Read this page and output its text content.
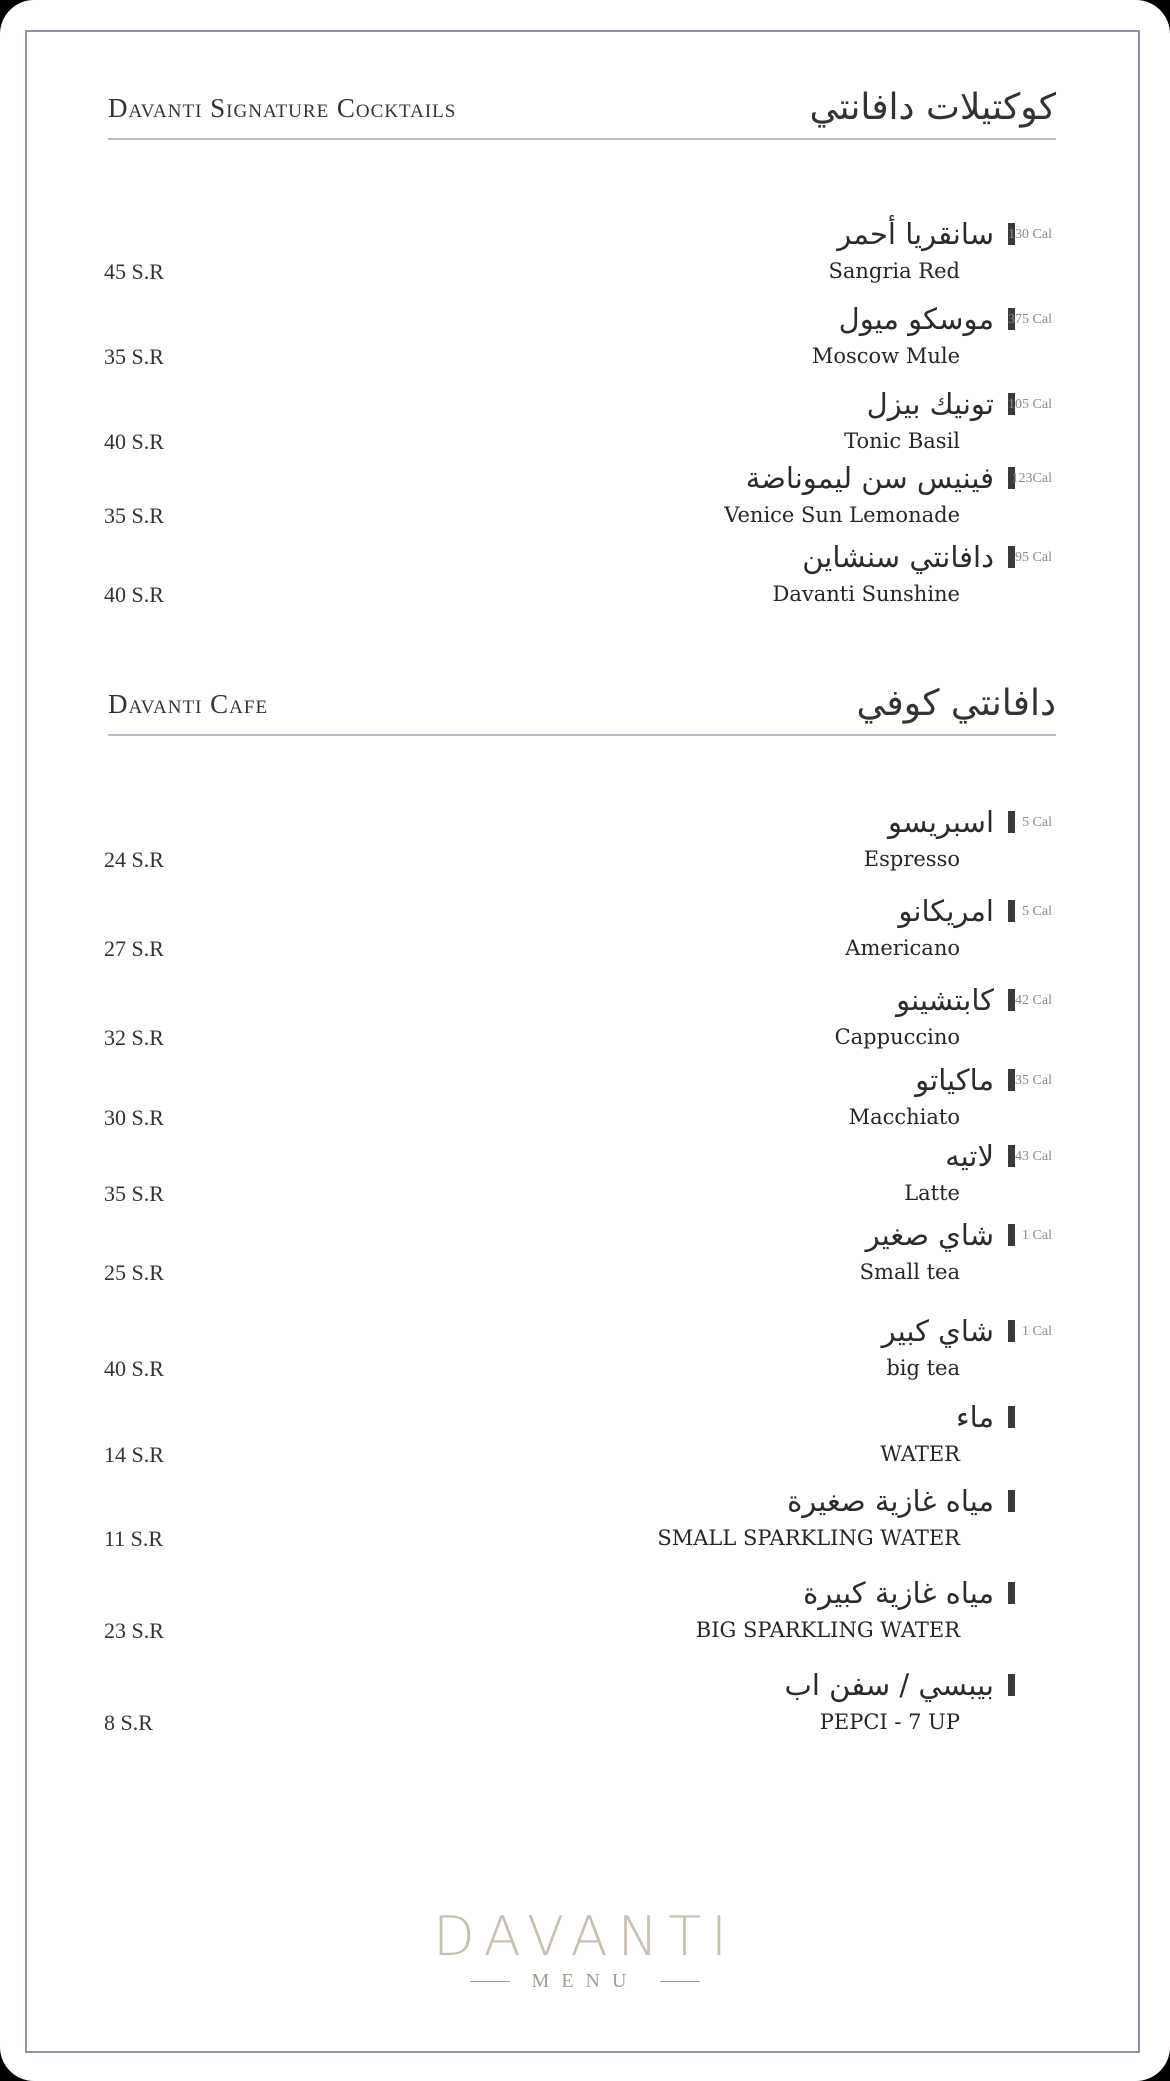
Davanti Signature Cocktails	كوكتيلات دافانتي
سانقريا أحمر	130 Cal
Sangria Red
45 S.R
موسكو ميول	375 Cal
Moscow Mule
35 S.R
تونيك بيزل	105 Cal
Tonic Basil
40 S.R
فينيس سن ليموناضة	123Cal
Venice Sun Lemonade
35 S.R
دافانتي سنشاين	95 Cal
Davanti Sunshine
40 S.R
Davanti Cafe	دافانتي كوفي
اسبريسو	5 Cal
Espresso
24 S.R
امريكانو	5 Cal
Americano
27 S.R
كابتشينو	42 Cal
Cappuccino
32 S.R
ماكياتو	35 Cal
Macchiato
30 S.R
لاتيه	43 Cal
Latte
35 S.R
شاي صغير	1 Cal
Small tea
25 S.R
شاي كبير	1 Cal
big tea
40 S.R
ماء
WATER
14 S.R
مياه غازية صغيرة
SMALL SPARKLING WATER
11 S.R
مياه غازية كبيرة
BIG SPARKLING WATER
23 S.R
بيبسي / سفن اب
PEPCI - 7 UP
8 S.R
DAVANTI
MENU
